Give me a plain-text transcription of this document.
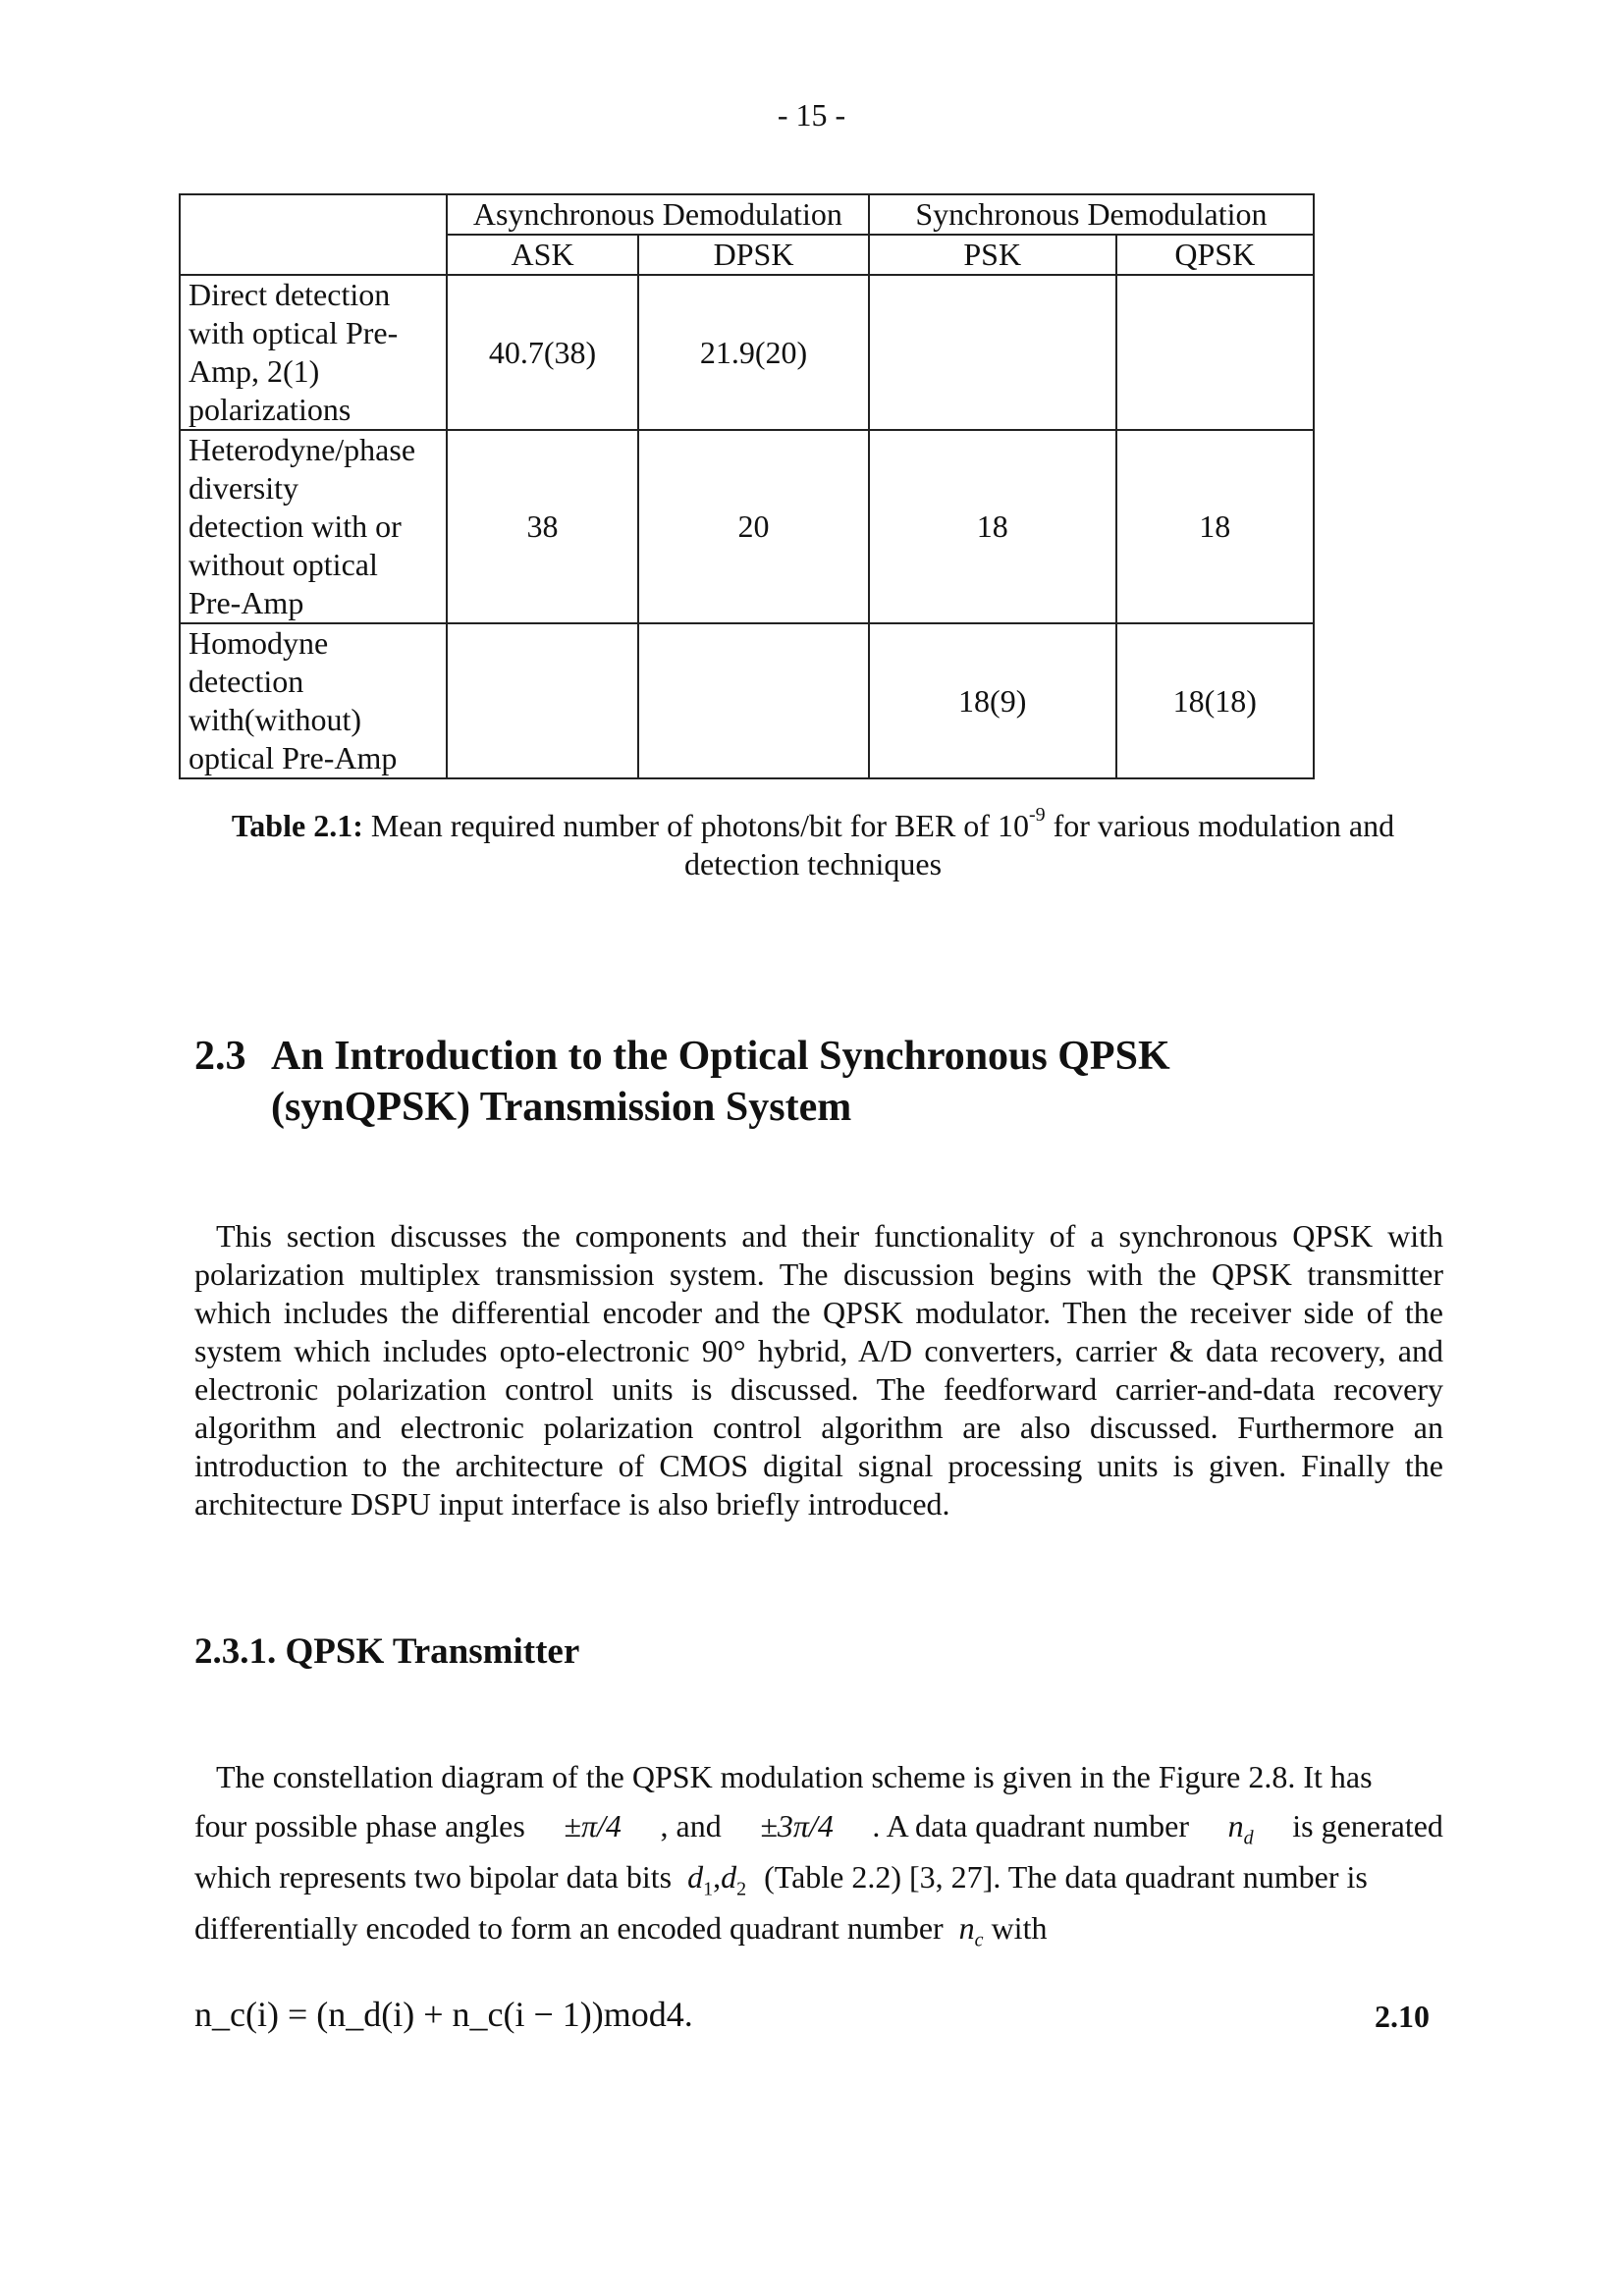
- 15 -
	Asynchronous Demodulation		Synchronous Demodulation	
	ASK	DPSK	PSK	QPSK

Direct detection
with optical Pre-
Amp, 2(1)
polarizations	40.7(38)	21.9(20)		

Heterodyne/phase
diversity
detection with or
without optical
Pre-Amp	38	20	18	18

Homodyne
detection
with(without)
optical Pre-Amp			18(9)	18(18)
Table 2.1: Mean required number of photons/bit for BER of $10^{-9}$ for various modulation and
detection techniques
2.3 An Introduction to the Optical Synchronous QPSK
(synQPSK) Transmission System
This section discusses the components and their functionality of a synchronous QPSK with polarization multiplex transmission system. The discussion begins with the QPSK transmitter which includes the differential encoder and the QPSK modulator. Then the receiver side of the system which includes opto-electronic 90° hybrid, A/D converters, carrier & data recovery, and electronic polarization control units is discussed. The feedforward carrier-and-data recovery algorithm and electronic polarization control algorithm are also discussed. Furthermore an introduction to the architecture of CMOS digital signal processing units is given. Finally the architecture DSPU input interface is also briefly introduced.
2.3.1. QPSK Transmitter
The constellation diagram of the QPSK modulation scheme is given in the Figure 2.8. It has
four possible phase angles ±π/4 , and ±3π/4 . A data quadrant number $n_d$ is generated
which represents two bipolar data bits $d_1,d_2$ (Table 2.2) [3, 27]. The data quadrant number is
differentially encoded to form an encoded quadrant number $n_c$ with
n_c(i) = (n_d(i) + n_c(i − 1))mod4.	2.10
